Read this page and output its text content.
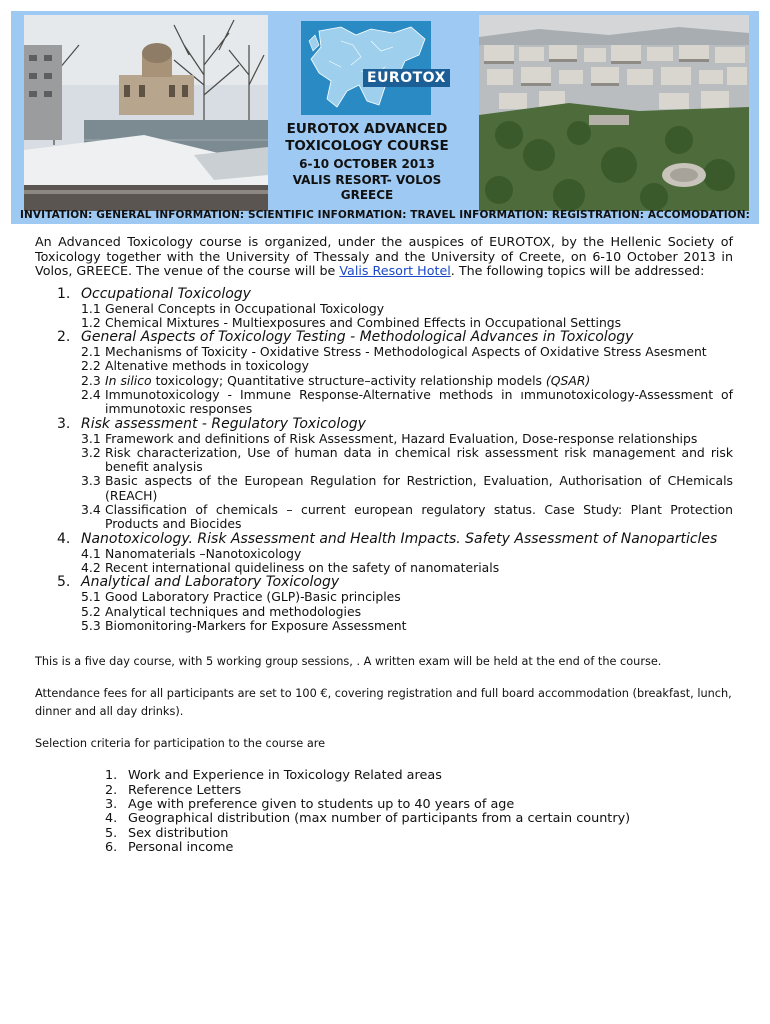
EUROTOX
EUROTOX ADVANCED TOXICOLOGY COURSE
6-10 OCTOBER 2013
VALIS RESORT- VOLOS
GREECE
INVITATION: GENERAL INFORMATION: SCIENTIFIC INFORMATION: TRAVEL INFORMATION: REGISTRATION: ACCOMODATION:

An Advanced Toxicology course is organized, under the auspices of EUROTOX, by the Hellenic Society of Toxicology together with the University of Thessaly and the University of Creete, on 6-10 October 2013 in Volos, GREECE. The venue of the course will be Valis Resort Hotel. The following topics will be addressed:

1. Occupational Toxicology
1.1 General Concepts in Occupational Toxicology
1.2 Chemical Mixtures - Multiexposures and Combined Effects in Occupational Settings
2. General Aspects of Toxicology Testing - Methodological Advances in Toxicology
2.1 Mechanisms of Toxicity - Oxidative Stress - Methodological Aspects of Oxidative Stress Asesment
2.2 Altenative methods in toxicology
2.3 In silico toxicology; Quantitative structure–activity relationship models (QSAR)
2.4 Immunotoxicology - Immune Response-Alternative methods in ımmunotoxicology-Assessment of immunotoxic responses
3. Risk assessment - Regulatory Toxicology
3.1 Framework and definitions of Risk Assessment, Hazard Evaluation, Dose-response relationships
3.2 Risk characterization, Use of human data in chemical risk assessment risk management and risk benefit analysis
3.3 Basic aspects of the European Regulation for Restriction, Evaluation, Authorisation of CHemicals (REACH)
3.4 Classification of chemicals – current european regulatory status. Case Study: Plant Protection Products and Biocides
4. Nanotoxicology. Risk Assessment and Health Impacts. Safety Assessment of Nanoparticles
4.1 Nanomaterials –Nanotoxicology
4.2 Recent international quideliness on the safety of nanomaterials
5. Analytical and Laboratory Toxicology
5.1 Good Laboratory Practice (GLP)-Basic principles
5.2 Analytical techniques and methodologies
5.3 Biomonitoring-Markers for Exposure Assessment

This is a five day course, with 5 working group sessions, . A written exam will be held at the end of the course.

Attendance fees for all participants are set to 100 €, covering registration and full board accommodation (breakfast, lunch, dinner and all day drinks).

Selection criteria for participation to the course are

1. Work and Experience in Toxicology Related areas
2. Reference Letters
3. Age with preference given to students up to 40 years of age
4. Geographical distribution (max number of participants from a certain country)
5. Sex distribution
6. Personal income
